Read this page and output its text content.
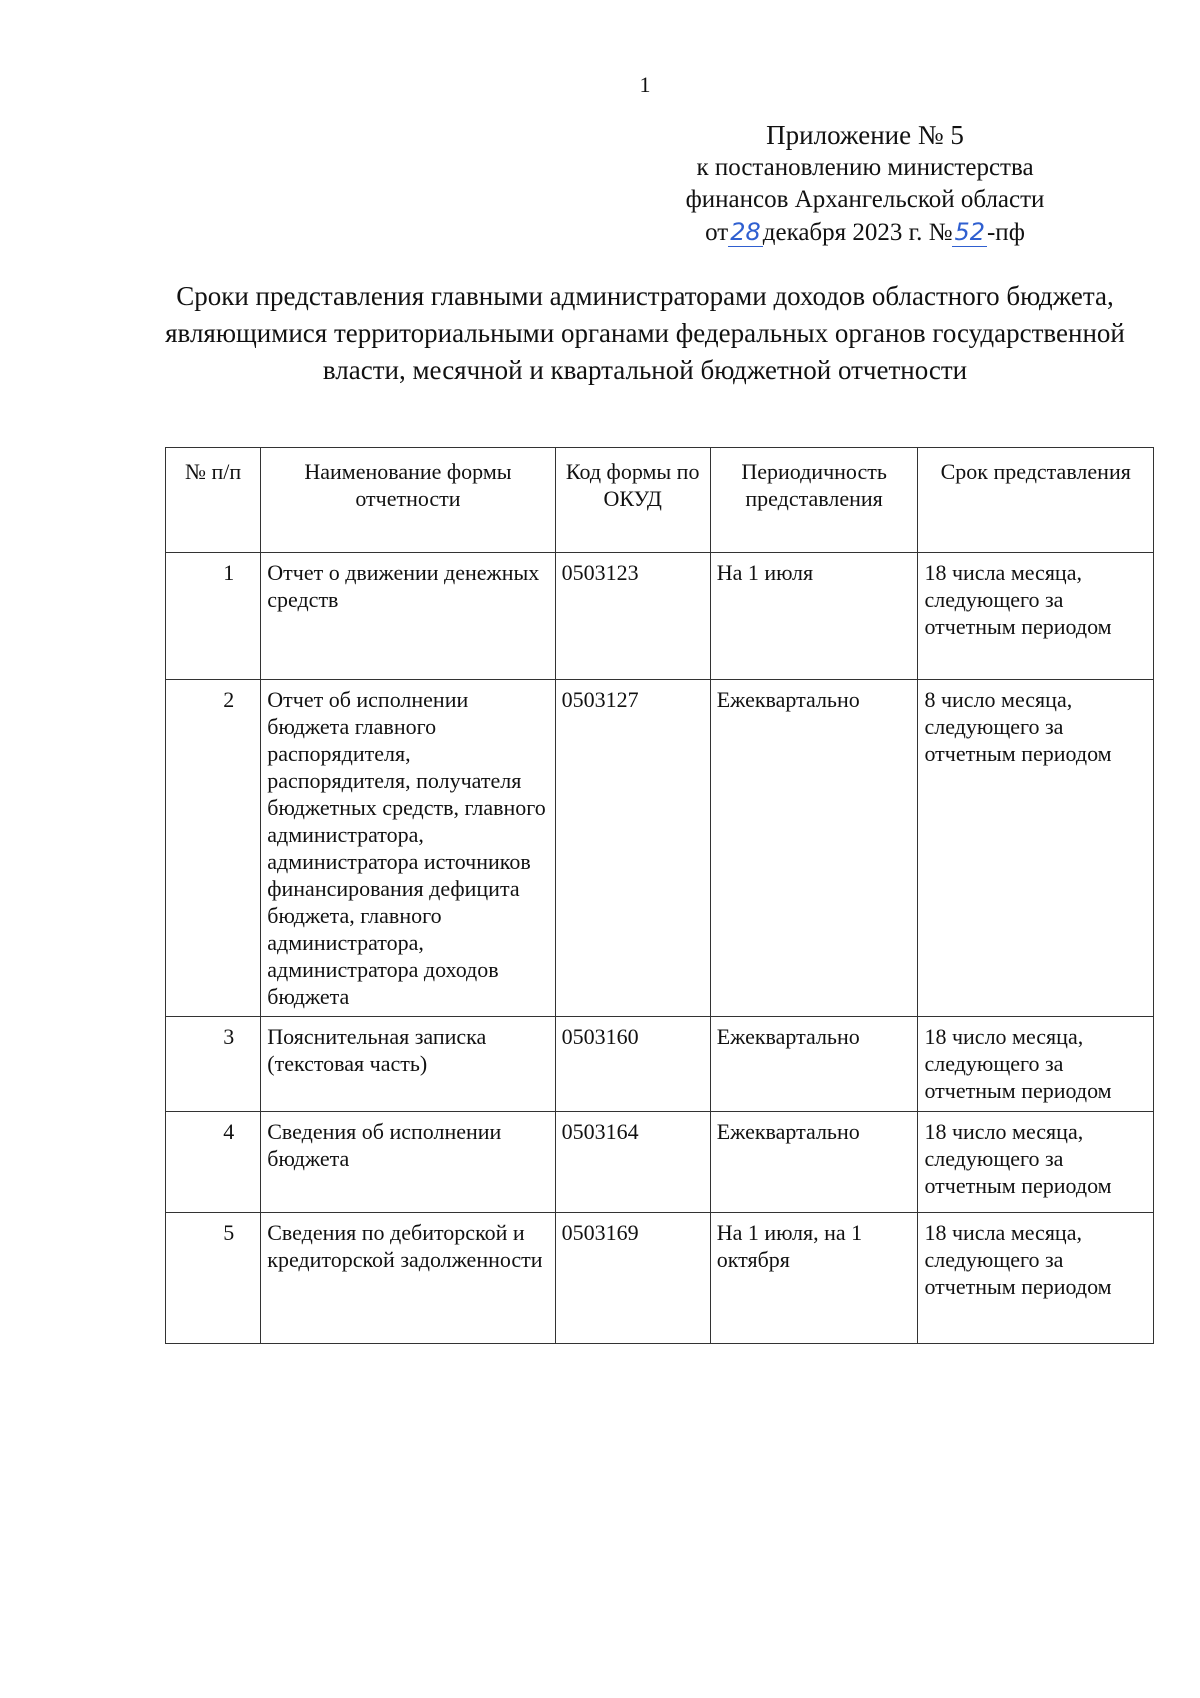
1
Приложение № 5
к постановлению министерства
финансов Архангельской области
от28декабря 2023 г. №52-пф
Сроки представления главными администраторами доходов областного бюджета, являющимися территориальными органами федеральных органов государственной власти, месячной и квартальной бюджетной отчетности
№ п/п	Наименование формы отчетности	Код формы по ОКУД	Периодичность представления	Срок представления
1	Отчет о движении денежных средств	0503123	На 1 июля	18 числа месяца, следующего за отчетным периодом
2	Отчет об исполнении бюджета главного распорядителя, распорядителя, получателя бюджетных средств, главного администратора, администратора источников финансирования дефицита бюджета, главного администратора, администратора доходов бюджета	0503127	Ежеквартально	8 число месяца, следующего за отчетным периодом
3	Пояснительная записка (текстовая часть)	0503160	Ежеквартально	18 число месяца, следующего за отчетным периодом
4	Сведения об исполнении бюджета	0503164	Ежеквартально	18 число месяца, следующего за отчетным периодом
5	Сведения по дебиторской и кредиторской задолженности	0503169	На 1 июля, на 1 октября	18 числа месяца, следующего за отчетным периодом
